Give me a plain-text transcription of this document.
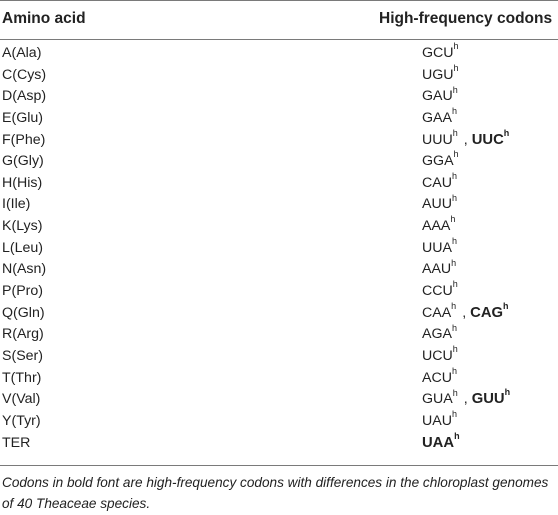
Amino acid	High-frequency codons
A(Ala)	GCU$^h$
C(Cys)	UGU$^h$
D(Asp)	GAU$^h$
E(Glu)	GAA$^h$
F(Phe)	UUU$^h$ , UUC$^h$
G(Gly)	GGA$^h$
H(His)	CAU$^h$
I(Ile)	AUU$^h$
K(Lys)	AAA$^h$
L(Leu)	UUA$^h$
N(Asn)	AAU$^h$
P(Pro)	CCU$^h$
Q(Gln)	CAA$^h$ , CAG$^h$
R(Arg)	AGA$^h$
S(Ser)	UCU$^h$
T(Thr)	ACU$^h$
V(Val)	GUA$^h$ , GUU$^h$
Y(Tyr)	UAU$^h$
TER	UAA$^h$
Codons in bold font are high-frequency codons with differences in the chloroplast genomes of 40 Theaceae species.
